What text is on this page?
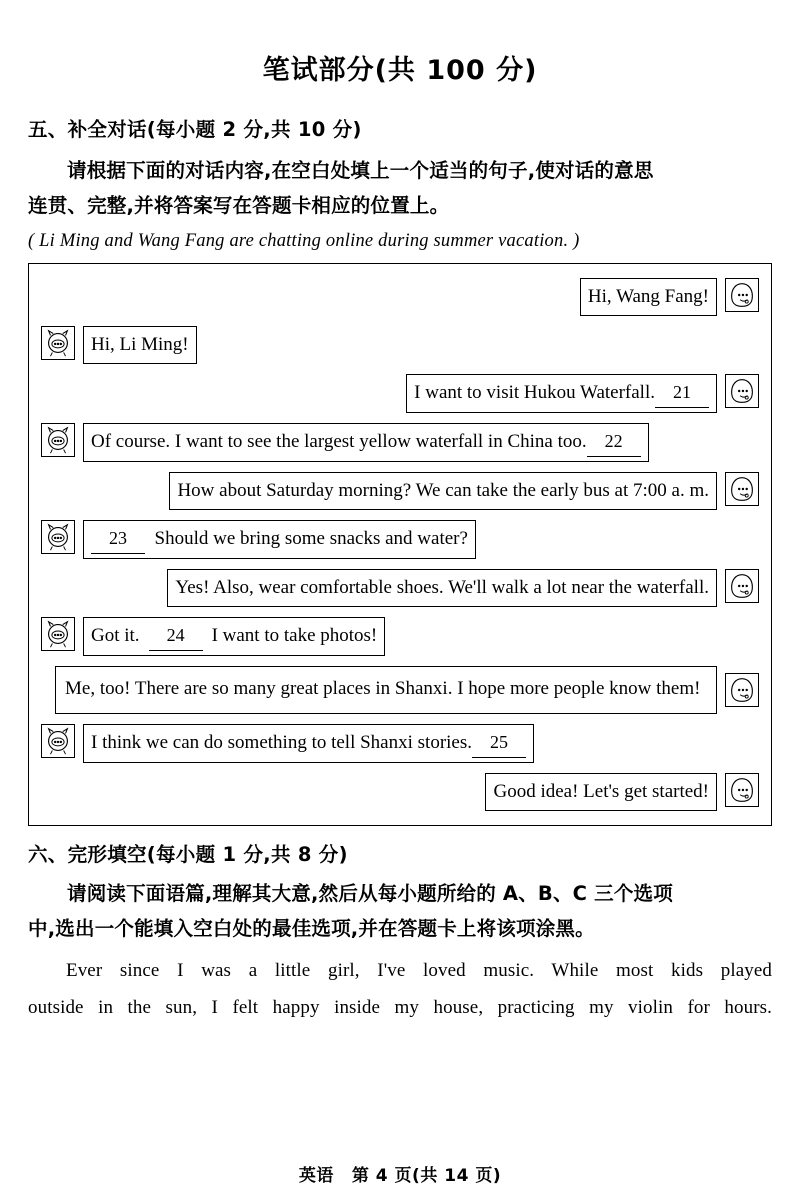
笔试部分(共 100 分)
五、补全对话(每小题 2 分,共 10 分)

请根据下面的对话内容,在空白处填上一个适当的句子,使对话的意思

连贯、完整,并将答案写在答题卡相应的位置上。

( Li Ming and Wang Fang are chatting online during summer vacation. )

Hi, Wang Fang!
Hi, Li Ming!
I want to visit Hukou Waterfall. 21
Of course. I want to see the largest yellow waterfall in China too. 22
How about Saturday morning? We can take the early bus at 7:00 a. m.
23 Should we bring some snacks and water?
Yes! Also, wear comfortable shoes. We'll walk a lot near the waterfall.
Got it. 24 I want to take photos!
Me, too! There are so many great places in Shanxi. I hope more people know them!
I think we can do something to tell Shanxi stories. 25
Good idea! Let's get started!
六、完形填空(每小题 1 分,共 8 分)

请阅读下面语篇,理解其大意,然后从每小题所给的 A、B、C 三个选项

中,选出一个能填入空白处的最佳选项,并在答题卡上将该项涂黑。

Ever since I was a little girl, I've loved music. While most kids played

outside in the sun, I felt happy inside my house, practicing my violin for hours.

英语 第 4 页(共 14 页)
